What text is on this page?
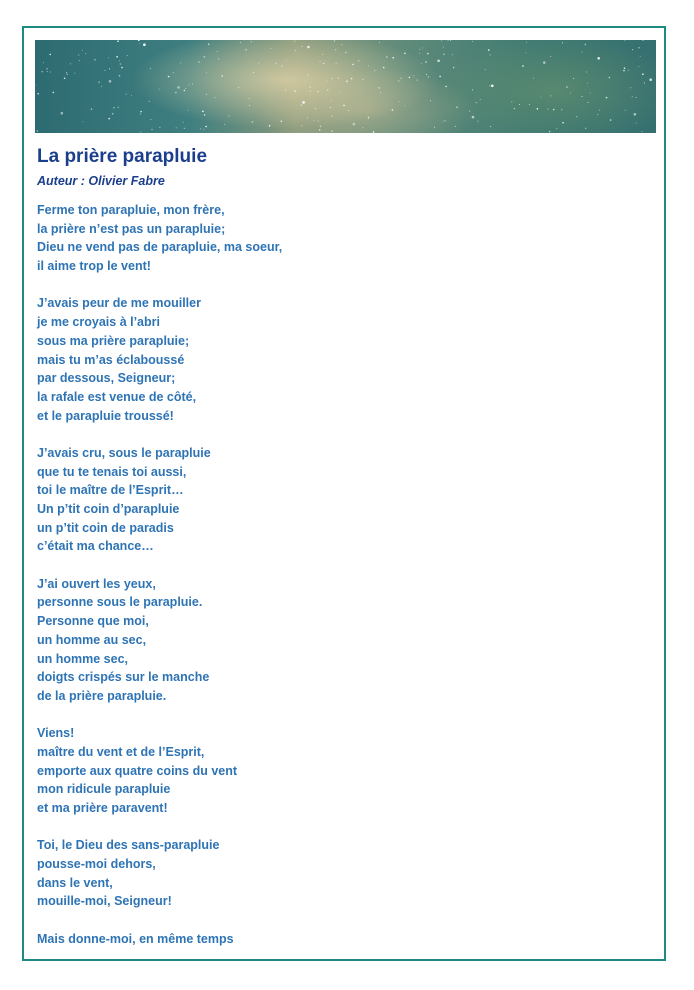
La prière parapluie
Auteur : Olivier Fabre
Ferme ton parapluie, mon frère,
la prière n’est pas un parapluie;
Dieu ne vend pas de parapluie, ma soeur,
il aime trop le vent!
J’avais peur de me mouiller
je me croyais à l’abri
sous ma prière parapluie;
mais tu m’as éclaboussé
par dessous, Seigneur;
la rafale est venue de côté,
et le parapluie troussé!
J’avais cru, sous le parapluie
que tu te tenais toi aussi,
toi le maître de l’Esprit…
Un p’tit coin d’parapluie
un p’tit coin de paradis
c’était ma chance…
J’ai ouvert les yeux,
personne sous le parapluie.
Personne que moi,
un homme au sec,
un homme sec,
doigts crispés sur le manche
de la prière parapluie.
Viens!
maître du vent et de l’Esprit,
emporte aux quatre coins du vent
mon ridicule parapluie
et ma prière paravent!
Toi, le Dieu des sans-parapluie
pousse-moi dehors,
dans le vent,
mouille-moi, Seigneur!
Mais donne-moi, en même temps
